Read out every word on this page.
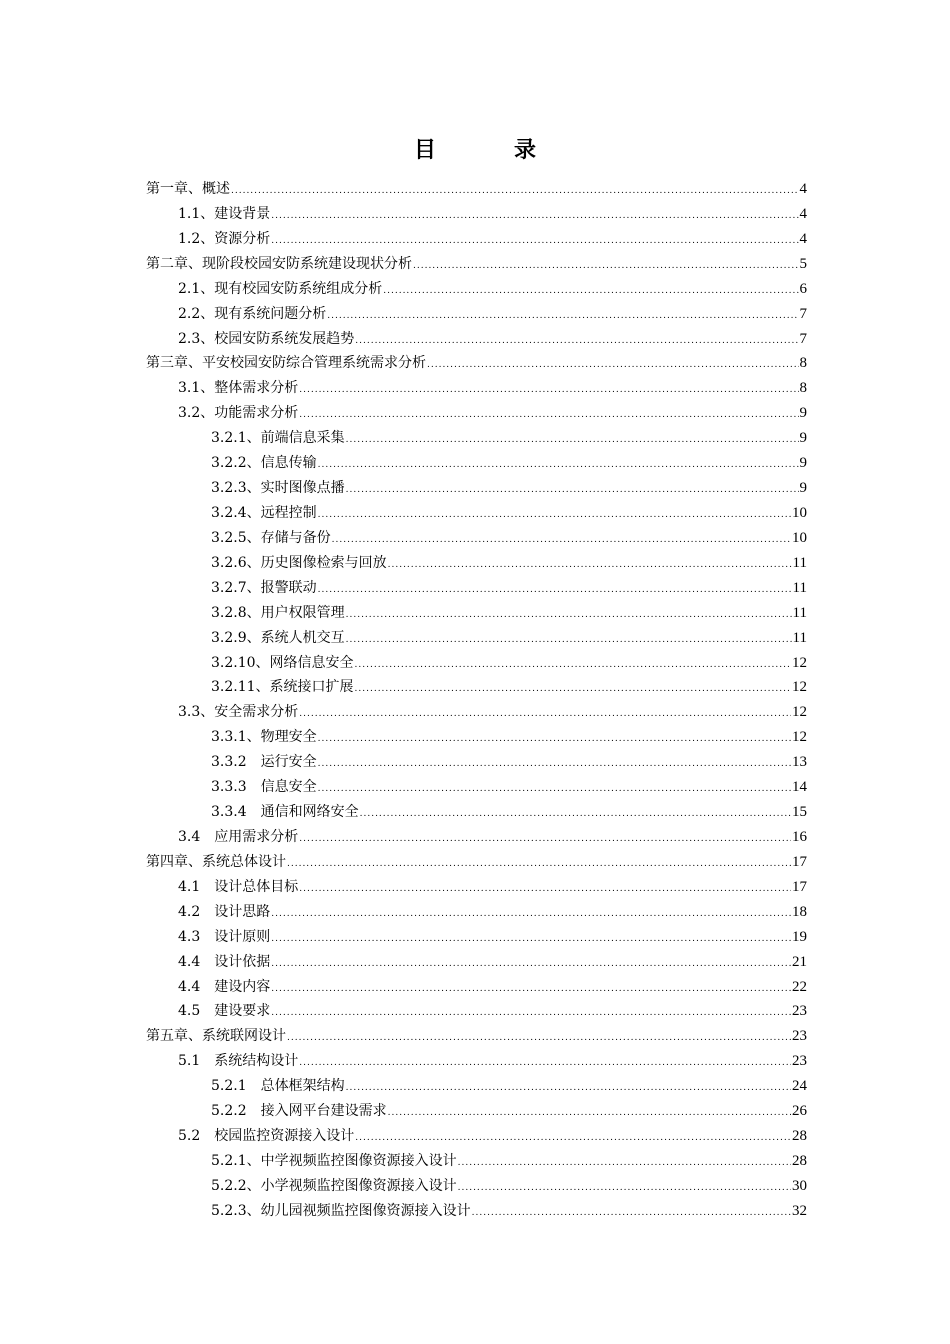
目　录
第一章、概述 .....	4
1.1、建设背景 .....	4
1.2、资源分析 .....	4
第二章、现阶段校园安防系统建设现状分析 .....	5
2.1、现有校园安防系统组成分析 .....	6
2.2、现有系统问题分析 .....	7
2.3、校园安防系统发展趋势 .....	7
第三章、平安校园安防综合管理系统需求分析 .....	8
3.1、整体需求分析 .....	8
3.2、功能需求分析 .....	9
3.2.1、前端信息采集 .....	9
3.2.2、信息传输 .....	9
3.2.3、实时图像点播 .....	9
3.2.4、远程控制 .....	10
3.2.5、存储与备份 .....	10
3.2.6、历史图像检索与回放 .....	11
3.2.7、报警联动 .....	11
3.2.8、用户权限管理 .....	11
3.2.9、系统人机交互 .....	11
3.2.10、网络信息安全 .....	12
3.2.11、系统接口扩展 .....	12
3.3、安全需求分析 .....	12
3.3.1、物理安全 .....	12
3.3.2　运行安全 .....	13
3.3.3　信息安全 .....	14
3.3.4　通信和网络安全 .....	15
3.4　应用需求分析 .....	16
第四章、系统总体设计 .....	17
4.1　设计总体目标 .....	17
4.2　设计思路 .....	18
4.3　设计原则 .....	19
4.4　设计依据 .....	21
4.4　建设内容 .....	22
4.5　建设要求 .....	23
第五章、系统联网设计 .....	23
5.1　系统结构设计 .....	23
5.2.1　总体框架结构 .....	24
5.2.2　接入网平台建设需求 .....	26
5.2　校园监控资源接入设计 .....	28
5.2.1、中学视频监控图像资源接入设计 .....	28
5.2.2、小学视频监控图像资源接入设计 .....	30
5.2.3、幼儿园视频监控图像资源接入设计 .....	32
